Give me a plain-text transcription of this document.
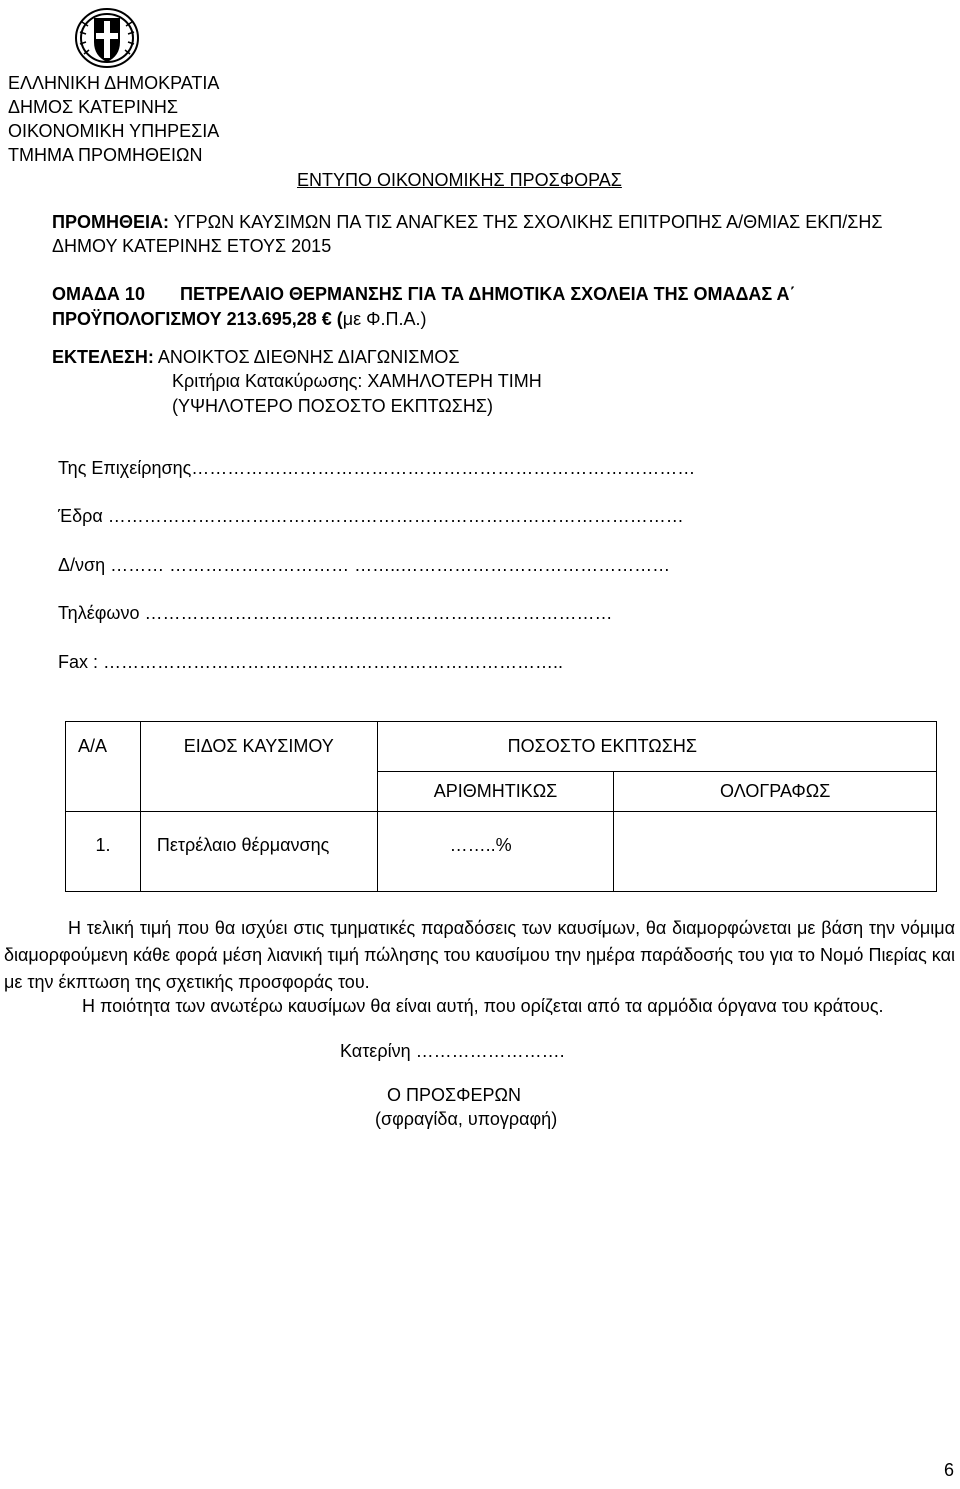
ΕΛΛΗΝΙΚΗ ΔΗΜΟΚΡΑΤΙΑ
ΔΗΜΟΣ ΚΑΤΕΡΙΝΗΣ
ΟΙΚΟΝΟΜΙΚΗ ΥΠΗΡΕΣΙΑ
ΤΜΗΜΑ ΠΡΟΜΗΘΕΙΩΝ
ΕΝΤΥΠΟ ΟΙΚΟΝΟΜΙΚΗΣ ΠΡΟΣΦΟΡΑΣ
ΠΡΟΜΗΘΕΙΑ: ΥΓΡΩΝ ΚΑΥΣΙΜΩΝ ΠΑ ΤΙΣ ΑΝΑΓΚΕΣ ΤΗΣ ΣΧΟΛΙΚΗΣ ΕΠΙΤΡΟΠΗΣ Α/ΘΜΙΑΣ ΕΚΠ/ΣΗΣ
ΔΗΜΟΥ ΚΑΤΕΡΙΝΗΣ ΕΤΟΥΣ 2015
ΟΜΑΔΑ 10 ΠΕΤΡΕΛΑΙΟ ΘΕΡΜΑΝΣΗΣ ΓΙΑ ΤΑ ΔΗΜΟΤΙΚΑ ΣΧΟΛΕΙΑ ΤΗΣ ΟΜΑΔΑΣ Α΄
ΠΡΟΫΠΟΛΟΓΙΣΜΟΥ 213.695,28 € (με Φ.Π.Α.)
ΕΚΤΕΛΕΣΗ: ΑΝΟΙΚΤΟΣ ΔΙΕΘΝΗΣ ΔΙΑΓΩΝΙΣΜΟΣ
Κριτήρια Κατακύρωσης: ΧΑΜΗΛΟΤΕΡΗ ΤΙΜΗ
(ΥΨΗΛΟΤΕΡΟ ΠΟΣΟΣΤΟ ΕΚΠΤΩΣΗΣ)
Της Επιχείρησης…………………………………………………………………………
Έδρα ……………………………………………………………………………………
Δ/νση ……… ………………………… ……..………………………………………
Τηλέφωνο ……………………………………………………………………
Fax : …………………………………………………………………..
Α/Α	ΕΙΔΟΣ ΚΑΥΣΙΜΟΥ	ΠΟΣΟΣΤΟ ΕΚΠΤΩΣΗΣ	
		ΑΡΙΘΜΗΤΙΚΩΣ	ΟΛΟΓΡΑΦΩΣ
1.	Πετρέλαιο θέρμανσης	……..%	
Η τελική τιμή που θα ισχύει στις τμηματικές παραδόσεις των καυσίμων, θα διαμορφώνεται με βάση την νόμιμα διαμορφούμενη κάθε φορά μέση λιανική τιμή πώλησης του καυσίμου την ημέρα παράδοσής του για το Νομό Πιερίας και με την έκπτωση της σχετικής προσφοράς του.
Η ποιότητα των ανωτέρω καυσίμων θα είναι αυτή, που ορίζεται από τα αρμόδια όργανα του κράτους.
Κατερίνη …………………….
Ο ΠΡΟΣΦΕΡΩΝ
(σφραγίδα, υπογραφή)
6
